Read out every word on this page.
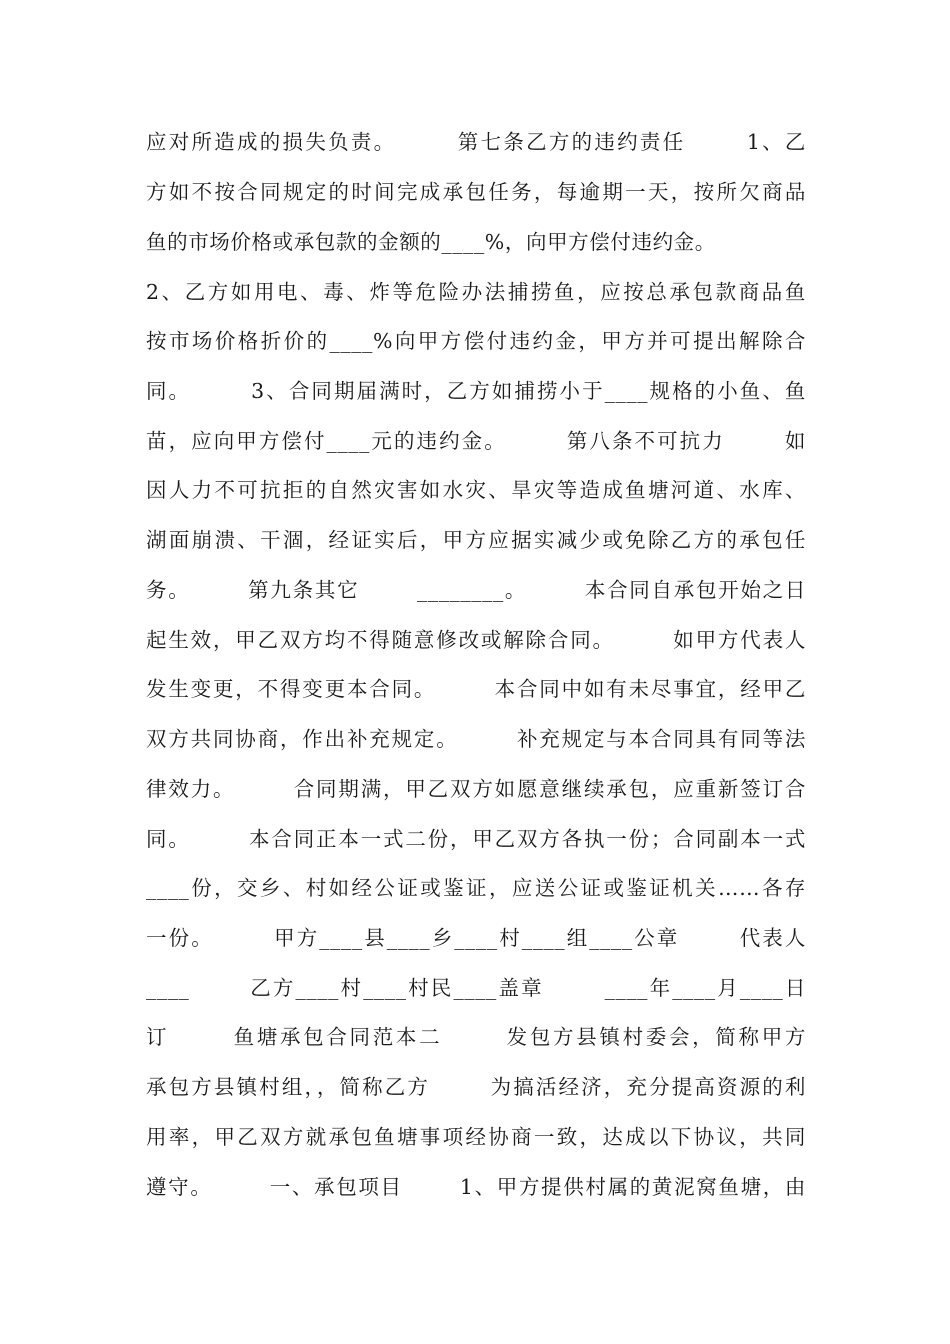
应对所造成的损失负责。       第七条乙方的违约责任       1、乙
方如不按合同规定的时间完成承包任务，每逾期一天，按所欠商品
鱼的市场价格或承包款的金额的____%，向甲方偿付违约金。
2、乙方如用电、毒、炸等危险办法捕捞鱼，应按总承包款商品鱼
按市场价格折价的____%向甲方偿付违约金，甲方并可提出解除合
同。       3、合同期届满时，乙方如捕捞小于____规格的小鱼、鱼
苗，应向甲方偿付____元的违约金。       第八条不可抗力       如
因人力不可抗拒的自然灾害如水灾、旱灾等造成鱼塘河道、水库、
湖面崩溃、干涸，经证实后，甲方应据实减少或免除乙方的承包任
务。       第九条其它       ________。       本合同自承包开始之日
起生效，甲乙双方均不得随意修改或解除合同。       如甲方代表人
发生变更，不得变更本合同。       本合同中如有未尽事宜，经甲乙
双方共同协商，作出补充规定。       补充规定与本合同具有同等法
律效力。       合同期满，甲乙双方如愿意继续承包，应重新签订合
同。       本合同正本一式二份，甲乙双方各执一份；合同副本一式
____份，交乡、村如经公证或鉴证，应送公证或鉴证机关……各存
一份。       甲方____县____乡____村____组____公章       代表人
____       乙方____村____村民____盖章       ____年____月____日
订       鱼塘承包合同范本二       发包方县镇村委会，简称甲方
承包方县镇村组，，简称乙方       为搞活经济，充分提高资源的利
用率，甲乙双方就承包鱼塘事项经协商一致，达成以下协议，共同
遵守。       一、承包项目       1、甲方提供村属的黄泥窝鱼塘，由
